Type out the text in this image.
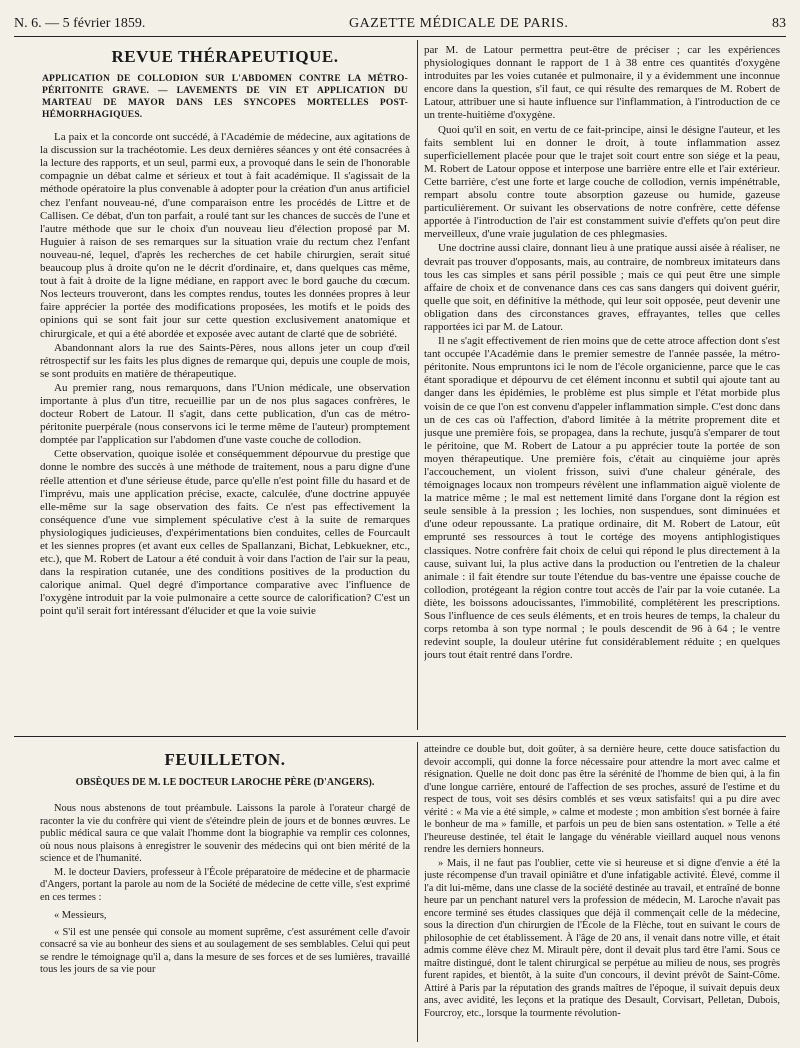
N. 6. — 5 février 1859.	GAZETTE MÉDICALE DE PARIS.	83
REVUE THÉRAPEUTIQUE.
APPLICATION DE COLLODION SUR L'ABDOMEN CONTRE LA MÉTRO-PÉRITONITE GRAVE. — LAVEMENTS DE VIN ET APPLICATION DU MARTEAU DE MAYOR DANS LES SYNCOPES MORTELLES POST-HÉMORRHAGIQUES.

La paix et la concorde ont succédé, à l'Académie de médecine, aux agitations de la discussion sur la trachéotomie. Les deux dernières séances y ont été consacrées à la lecture des rapports, et un seul, parmi eux, a provoqué dans le sein de l'honorable compagnie un débat calme et sérieux et tout à fait académique. Il s'agissait de la méthode opératoire la plus convenable à adopter pour la création d'un anus artificiel chez l'enfant nouveau-né, d'une comparaison entre les procédés de Littre et de Callisen. Ce débat, d'un ton parfait, a roulé tant sur les chances de succès de l'une et l'autre méthode que sur le choix d'un nouveau lieu d'élection proposé par M. Huguier à raison de ses remarques sur la situation vraie du rectum chez l'enfant nouveau-né, lequel, d'après les recherches de cet habile chirurgien, serait situé beaucoup plus à droite qu'on ne le décrit d'ordinaire, et, dans quelques cas même, tout à fait à droite de la ligne médiane, en rapport avec le bord gauche du cœcum. Nos lecteurs trouveront, dans les comptes rendus, toutes les données propres à leur faire apprécier la portée des modifications proposées, les motifs et le poids des opinions qui se sont fait jour sur cette question exclusivement anatomique et chirurgicale, et qui a été abordée et exposée avec autant de clarté que de sobriété.

Abandonnant alors la rue des Saints-Pères, nous allons jeter un coup d'œil rétrospectif sur les faits les plus dignes de remarque qui, depuis une couple de mois, se sont produits en matière de thérapeutique.

Au premier rang, nous remarquons, dans l'Union médicale, une observation importante à plus d'un titre, recueillie par un de nos plus sagaces confrères, le docteur Robert de Latour. Il s'agit, dans cette publication, d'un cas de métro-péritonite puerpérale (nous conservons ici le terme même de l'auteur) promptement domptée par l'application sur l'abdomen d'une vaste couche de collodion.

Cette observation, quoique isolée et conséquemment dépourvue du prestige que donne le nombre des succès à une méthode de traitement, nous a paru digne d'une réelle attention et d'une sérieuse étude, parce qu'elle n'est point fille du hasard et de l'imprévu, mais une application précise, exacte, calculée, d'une doctrine appuyée elle-même sur la sage observation des faits. Ce n'est pas effectivement la conséquence d'une vue simplement spéculative c'est à la suite de remarques physiologiques judicieuses, d'expérimentations bien conduites, celles de Fourcault et les siennes propres (et avant eux celles de Spallanzani, Bichat, Lebkuekner, etc., etc.), que M. Robert de Latour a été conduit à voir dans l'action de l'air sur la peau, dans la respiration cutanée, une des conditions positives de la production du calorique animal. Quel degré d'importance comparative avec l'influence de l'oxygène introduit par la voie pulmonaire a cette source de calorification? C'est un point qu'il serait fort intéressant d'élucider et que la voie suivie

par M. de Latour permettra peut-être de préciser ; car les expériences physiologiques donnant le rapport de 1 à 38 entre ces quantités d'oxygène introduites par les voies cutanée et pulmonaire, il y a évidemment une inconnue encore dans la question, s'il faut, ce qui résulte des remarques de M. Robert de Latour, attribuer une si haute influence sur l'inflammation, à l'introduction de ce un trente-huitième d'oxygène.

Quoi qu'il en soit, en vertu de ce fait-principe, ainsi le désigne l'auteur, et les faits semblent lui en donner le droit, à toute inflammation assez superficiellement placée pour que le trajet soit court entre son siége et la peau, M. Robert de Latour oppose et interpose une barrière entre elle et l'air extérieur. Cette barrière, c'est une forte et large couche de collodion, vernis impénétrable, rempart absolu contre toute absorption gazeuse ou humide, gazeuse particulièrement. Or suivant les observations de notre confrère, cette défense apportée à l'introduction de l'air est constamment suivie d'effets qu'on peut dire merveilleux, d'une vraie jugulation de ces phlegmasies.

Une doctrine aussi claire, donnant lieu à une pratique aussi aisée à réaliser, ne devrait pas trouver d'opposants, mais, au contraire, de nombreux imitateurs dans tous les cas simples et sans péril possible ; mais ce qui peut être une simple affaire de choix et de convenance dans ces cas sans dangers qui doivent guérir, quelle que soit, en définitive la méthode, qui leur soit opposée, peut devenir une obligation dans des circonstances graves, effrayantes, telles que celles rapportées ici par M. de Latour.

Il ne s'agit effectivement de rien moins que de cette atroce affection dont s'est tant occupée l'Académie dans le premier semestre de l'année passée, la métro-péritonite. Nous empruntons ici le nom de l'école organicienne, parce que le cas étant sporadique et dépourvu de cet élément inconnu et subtil qui ajoute tant au danger dans les épidémies, le problème est plus simple et l'état morbide plus voisin de ce que l'on est convenu d'appeler inflammation simple. C'est donc dans un de ces cas où l'affection, d'abord limitée à la métrite proprement dite et jusque une première fois, se propagea, dans la rechute, jusqu'à s'emparer de tout le péritoine, que M. Robert de Latour a pu apprécier toute la portée de son moyen thérapeutique. Une première fois, c'était au cinquième jour après l'accouchement, un violent frisson, suivi d'une chaleur générale, des témoignages locaux non trompeurs révèlent une inflammation aiguë violente de la matrice même ; le mal est nettement limité dans l'organe dont la région est seule sensible à la pression ; les lochies, non suspendues, sont diminuées et d'une odeur repoussante. La pratique ordinaire, dit M. Robert de Latour, eût emprunté ses ressources à tout le cortége des moyens antiphlogistiques classiques. Notre confrère fait choix de celui qui répond le plus directement à la cause, suivant lui, la plus active dans la production ou l'entretien de la chaleur animale : il fait étendre sur toute l'étendue du bas-ventre une épaisse couche de collodion, protégeant la région contre tout accès de l'air par la voie cutanée. La diète, les boissons adoucissantes, l'immobilité, complétèrent les prescriptions. Sous l'influence de ces seuls éléments, et en trois heures de temps, la chaleur du corps retomba à son type normal ; le pouls descendit de 96 à 64 ; le ventre redevint souple, la douleur utérine fut considérablement réduite ; en quelques jours tout était rentré dans l'ordre.

FEUILLETON.
OBSÈQUES DE M. LE DOCTEUR LAROCHE PÈRE (D'ANGERS).

Nous nous abstenons de tout préambule. Laissons la parole à l'orateur chargé de raconter la vie du confrère qui vient de s'éteindre plein de jours et de bonnes œuvres. Le public médical saura ce que valait l'homme dont la biographie va remplir ces colonnes, où nous nous plaisons à enregistrer le souvenir des médecins qui ont bien mérité de la science et de l'humanité.

M. le docteur Daviers, professeur à l'École préparatoire de médecine et de pharmacie d'Angers, portant la parole au nom de la Société de médecine de cette ville, s'est exprimé en ces termes :

« Messieurs,

« S'il est une pensée qui console au moment suprême, c'est assurément celle d'avoir consacré sa vie au bonheur des siens et au soulagement de ses semblables. Celui qui peut se rendre le témoignage qu'il a, dans la mesure de ses forces et de ses lumières, travaillé tous les jours de sa vie pour

atteindre ce double but, doit goûter, à sa dernière heure, cette douce satisfaction du devoir accompli, qui donne la force nécessaire pour attendre la mort avec calme et résignation. Quelle ne doit donc pas être la sérénité de l'homme de bien qui, à la fin d'une longue carrière, entouré de l'affection de ses proches, assuré de l'estime et du respect de tous, voit ses désirs comblés et ses vœux satisfaits! qui a pu dire avec vérité : « Ma vie a été simple, » calme et modeste ; mon ambition s'est bornée à faire le bonheur de ma » famille, et parfois un peu de bien sans ostentation. » Telle a été l'heureuse destinée, tel était le langage du vénérable vieillard auquel nous venons rendre les derniers honneurs.

» Mais, il ne faut pas l'oublier, cette vie si heureuse et si digne d'envie a été la juste récompense d'un travail opiniâtre et d'une infatigable activité. Élevé, comme il l'a dit lui-même, dans une classe de la société destinée au travail, et entraîné de bonne heure par un penchant naturel vers la profession de médecin, M. Laroche n'avait pas encore terminé ses études classiques que déjà il commençait celle de la médecine, sous la direction d'un chirurgien de l'École de la Flèche, tout en suivant le cours de philosophie de cet établissement. À l'âge de 20 ans, il venait dans notre ville, et était admis comme élève chez M. Mirault père, dont il devait plus tard être l'ami. Sous ce maître distingué, dont le talent chirurgical se perpétue au milieu de nous, ses progrès furent rapides, et bientôt, à la suite d'un concours, il devint prévôt de Saint-Côme. Attiré à Paris par la réputation des grands maîtres de l'époque, il suivait depuis deux ans, avec avidité, les leçons et la pratique des Desault, Corvisart, Pelletan, Dubois, Fourcroy, etc., lorsque la tourmente révolution-
